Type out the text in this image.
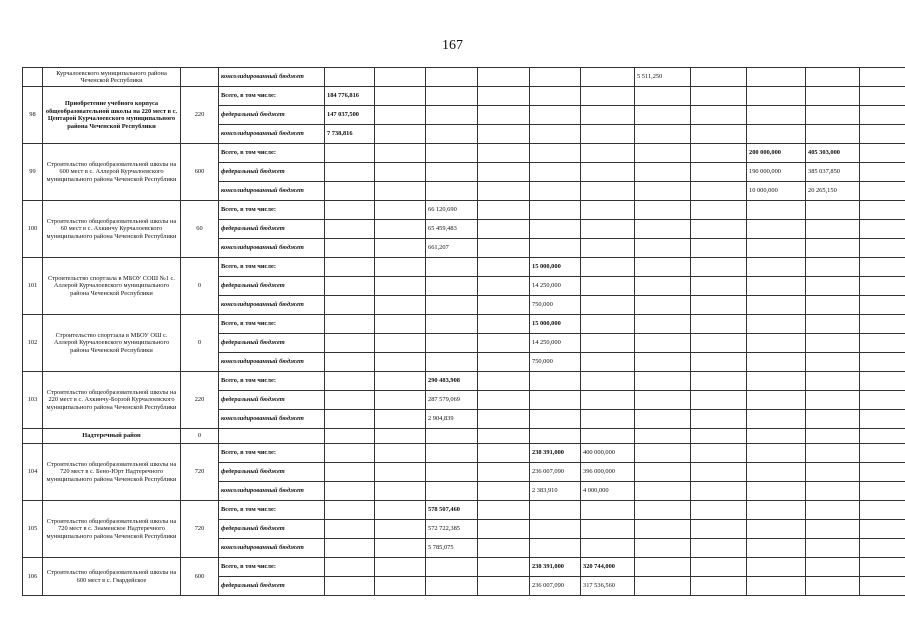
167
	Курчалоевского муниципального района Чеченской Республики		консолидированный бюджет							5 511,250				
98	Приобретение учебного корпуса общеобразовательной школы на 220 мест в с. Центарой Курчалоевского муниципального района Чеченской Республики	220	Всего, в том числе:	184 776,816										
			федеральный бюджет	147 037,500										
			консолидированный бюджет	7 738,816										
99	Строительство общеобразовательной школы на 600 мест в с. Аллерой Курчалоевского муниципального района Чеченской Республики	600	Всего, в том числе:									200 000,000	405 303,000	
			федеральный бюджет									190 000,000	385 037,850	
			консолидированный бюджет									10 000,000	20 265,150	
100	Строительство общеобразовательной школы на 60 мест в с. Ахкинчу Курчалоевского муниципального района Чеченской Республики	60	Всего, в том числе:			66 120,690								
			федеральный бюджет			65 459,483								
			консолидированный бюджет			661,207								
101	Строительство спортзала в МБОУ СОШ №1 с. Аллерой Курчалоевского муниципального района Чеченской Республики	0	Всего, в том числе:					15 000,000						
			федеральный бюджет					14 250,000						
			консолидированный бюджет					750,000						
102	Строительство спортзала в МБОУ ОШ с. Аллерой Курчалоевского муниципального района Чеченской Республики	0	Всего, в том числе:					15 000,000						
			федеральный бюджет					14 250,000						
			консолидированный бюджет					750,000						
103	Строительство общеобразовательной школы на 220 мест в с. Ахкинчу-Борзой Курчалоевского муниципального района Чеченской Республики	220	Всего, в том числе:			290 483,908								
			федеральный бюджет			287 579,069								
			консолидированный бюджет			2 904,839								
	Надтеречный район	0												
104	Строительство общеобразовательной школы на 720 мест в с. Бено-Юрт Надтеречного муниципального района Чеченской Республики	720	Всего, в том числе:					238 391,000	400 000,000					
			федеральный бюджет					236 007,090	396 000,000					
			консолидированный бюджет					2 383,910	4 000,000					
105	Строительство общеобразовательной школы на 720 мест в с. Знаменское Надтеречного муниципального района Чеченской Республики	720	Всего, в том числе:			578 507,460								
			федеральный бюджет			572 722,385								
			консолидированный бюджет			5 785,075								
106	Строительство общеобразовательной школы на 600 мест в с. Гвардейское	600	Всего, в том числе:					238 391,000	320 744,000					
			федеральный бюджет					236 007,090	317 536,560					
